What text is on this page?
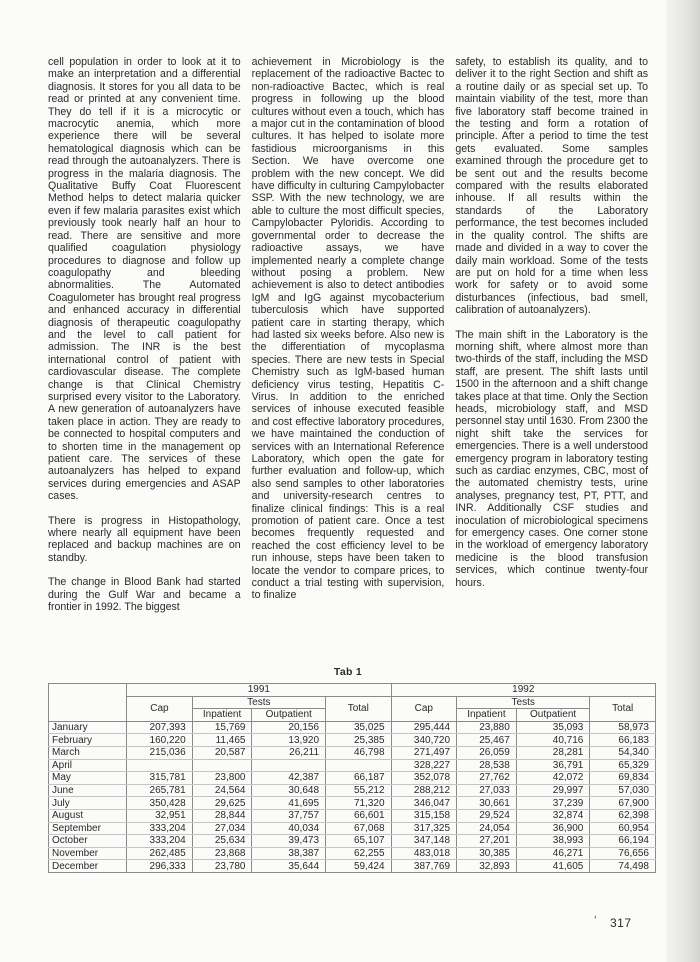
cell population in order to look at it to make an interpretation and a differential diagnosis. It stores for you all data to be read or printed at any convenient time. They do tell if it is a microcytic or macrocytic anemia, which more experience there will be several hematological diagnosis which can be read through the autoanalyzers. There is progress in the malaria diagnosis. The Qualitative Buffy Coat Fluorescent Method helps to detect malaria quicker even if few malaria parasites exist which previously took nearly half an hour to read. There are sensitive and more qualified coagulation physiology procedures to diagnose and follow up coagulopathy and bleeding abnormalities. The Automated Coagulometer has brought real progress and enhanced accuracy in differential diagnosis of therapeutic coagulopathy and the level to call patient for admission. The INR is the best international control of patient with cardiovascular disease. The complete change is that Clinical Chemistry surprised every visitor to the Laboratory. A new generation of autoanalyzers have taken place in action. They are ready to be connected to hospital computers and to shorten time in the management op patient care. The services of these autoanalyzers has helped to expand services during emergencies and ASAP cases.

There is progress in Histopathology, where nearly all equipment have been replaced and backup machines are on standby.

The change in Blood Bank had started during the Gulf War and became a frontier in 1992. The biggest

achievement in Microbiology is the replacement of the radioactive Bactec to non-radioactive Bactec, which is real progress in following up the blood cultures without even a touch, which has a major cut in the contamination of blood cultures. It has helped to isolate more fastidious microorganisms in this Section. We have overcome one problem with the new concept. We did have difficulty in culturing Campylobacter SSP. With the new technology, we are able to culture the most difficult species, Campylobacter Pyloridis. According to governmental order to decrease the radioactive assays, we have implemented nearly a complete change without posing a problem. New achievement is also to detect antibodies IgM and IgG against mycobacterium tuberculosis which have supported patient care in starting therapy, which had lasted six weeks before. Also new is the differentiation of mycoplasma species. There are new tests in Special Chemistry such as IgM-based human deficiency virus testing, Hepatitis C-Virus. In addition to the enriched services of inhouse executed feasible and cost effective laboratory procedures, we have maintained the conduction of services with an International Reference Laboratory, which open the gate for further evaluation and follow-up, which also send samples to other laboratories and university-research centres to finalize clinical findings: This is a real promotion of patient care. Once a test becomes frequently requested and reached the cost efficiency level to be run inhouse, steps have been taken to locate the vendor to compare prices, to conduct a trial testing with supervision, to finalize

safety, to establish its quality, and to deliver it to the right Section and shift as a routine daily or as special set up. To maintain viability of the test, more than five laboratory staff become trained in the testing and form a rotation of principle. After a period to time the test gets evaluated. Some samples examined through the procedure get to be sent out and the results become compared with the results elaborated inhouse. If all results within the standards of the Laboratory performance, the test becomes included in the quality control. The shifts are made and divided in a way to cover the daily main workload. Some of the tests are put on hold for a time when less work for safety or to avoid some disturbances (infectious, bad smell, calibration of autoanalyzers).

The main shift in the Laboratory is the morning shift, where almost more than two-thirds of the staff, including the MSD staff, are present. The shift lasts until 1500 in the afternoon and a shift change takes place at that time. Only the Section heads, microbiology staff, and MSD personnel stay until 1630. From 2300 the night shift take the services for emergencies. There is a well understood emergency program in laboratory testing such as cardiac enzymes, CBC, most of the automated chemistry tests, urine analyses, pregnancy test, PT, PTT, and INR. Additionally CSF studies and inoculation of microbiological specimens for emergency cases. One corner stone in the workload of emergency laboratory medicine is the blood transfusion services, which continue twenty-four hours.

Tab 1
	1991				1992			
	Cap	Tests		Total	Cap	Tests		Total
		Inpatient	Outpatient			Inpatient	Outpatient	
January	207,393	15,769	20,156	35,025	295,444	23,880	35,093	58,973
February	160,220	11,465	13,920	25,385	340,720	25,467	40,716	66,183
March	215,036	20,587	26,211	46,798	271,497	26,059	28,281	54,340
April					328,227	28,538	36,791	65,329
May	315,781	23,800	42,387	66,187	352,078	27,762	42,072	69,834
June	265,781	24,564	30,648	55,212	288,212	27,033	29,997	57,030
July	350,428	29,625	41,695	71,320	346,047	30,661	37,239	67,900
August	32,951	28,844	37,757	66,601	315,158	29,524	32,874	62,398
September	333,204	27,034	40,034	67,068	317,325	24,054	36,900	60,954
October	333,204	25,634	39,473	65,107	347,148	27,201	38,993	66,194
November	262,485	23,868	38,387	62,255	483,018	30,385	46,271	76,656
December	296,333	23,780	35,644	59,424	387,769	32,893	41,605	74,498
‘ 317
